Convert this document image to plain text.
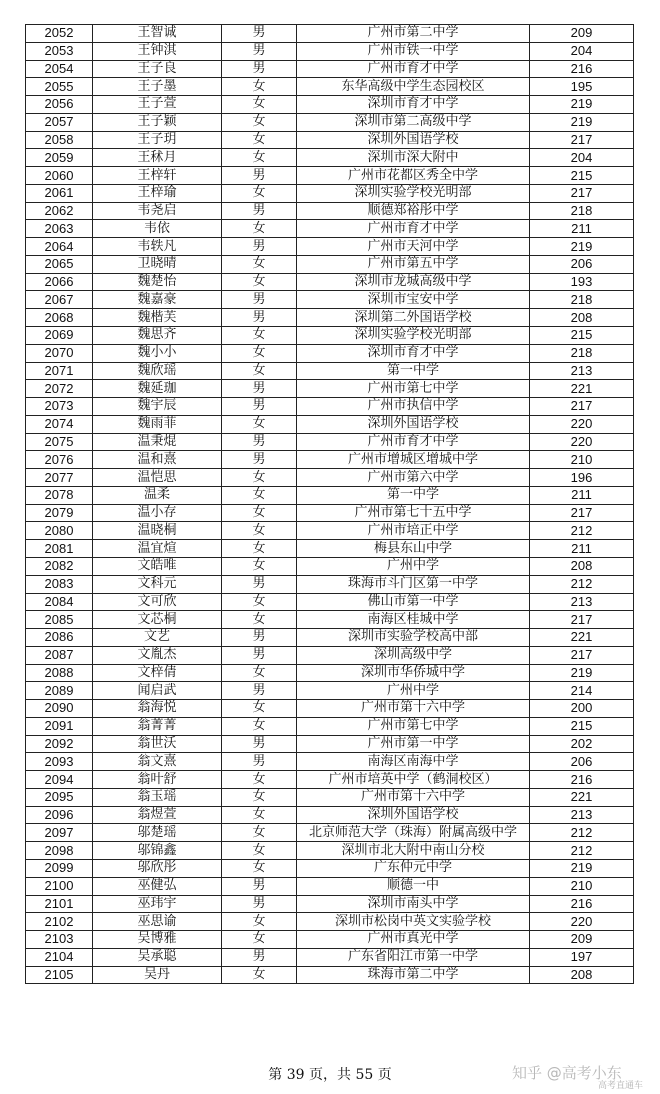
2052	王智诚	男	广州市第二中学	209
2053	王钟淇	男	广州市铁一中学	204
2054	王子良	男	广州市育才中学	216
2055	王子墨	女	东华高级中学生态园校区	195
2056	王子萱	女	深圳市育才中学	219
2057	王子颖	女	深圳市第二高级中学	219
2058	王子玥	女	深圳外国语学校	217
2059	王秫月	女	深圳市深大附中	204
2060	王梓轩	男	广州市花都区秀全中学	215
2061	王梓瑜	女	深圳实验学校光明部	217
2062	韦尧启	男	顺德郑裕彤中学	218
2063	韦依	女	广州市育才中学	211
2064	韦轶凡	男	广州市天河中学	219
2065	卫晓晴	女	广州市第五中学	206
2066	魏楚怡	女	深圳市龙城高级中学	193
2067	魏嘉豪	男	深圳市宝安中学	218
2068	魏楷芙	男	深圳第二外国语学校	208
2069	魏思齐	女	深圳实验学校光明部	215
2070	魏小小	女	深圳市育才中学	218
2071	魏欣瑶	女	第一中学	213
2072	魏延珈	男	广州市第七中学	221
2073	魏宇辰	男	广州市执信中学	217
2074	魏雨菲	女	深圳外国语学校	220
2075	温秉焜	男	广州市育才中学	220
2076	温和熹	男	广州市增城区增城中学	210
2077	温恺思	女	广州市第六中学	196
2078	温柔	女	第一中学	211
2079	温小存	女	广州市第七十五中学	217
2080	温晓桐	女	广州市培正中学	212
2081	温宜煊	女	梅县东山中学	211
2082	文皓唯	女	广州中学	208
2083	文科元	男	珠海市斗门区第一中学	212
2084	文可欣	女	佛山市第一中学	213
2085	文芯桐	女	南海区桂城中学	217
2086	文艺	男	深圳市实验学校高中部	221
2087	文胤杰	男	深圳高级中学	217
2088	文梓倩	女	深圳市华侨城中学	219
2089	闻启武	男	广州中学	214
2090	翁海悦	女	广州市第十六中学	200
2091	翁菁菁	女	广州市第七中学	215
2092	翁世沃	男	广州市第一中学	202
2093	翁文熹	男	南海区南海中学	206
2094	翁叶舒	女	广州市培英中学（鹤洞校区）	216
2095	翁玉瑶	女	广州市第十六中学	221
2096	翁煜萱	女	深圳外国语学校	213
2097	邬楚瑶	女	北京师范大学（珠海）附属高级中学	212
2098	邬锦鑫	女	深圳市北大附中南山分校	212
2099	邬欣彤	女	广东仲元中学	219
2100	巫健弘	男	顺德一中	210
2101	巫玮宇	男	深圳市南头中学	216
2102	巫思谕	女	深圳市松岗中英文实验学校	220
2103	吴博雅	女	广州市真光中学	209
2104	吴承聪	男	广东省阳江市第一中学	197
2105	吴丹	女	珠海市第二中学	208
第 39 页，共 55 页	知乎 @高考小东
高考直通车
